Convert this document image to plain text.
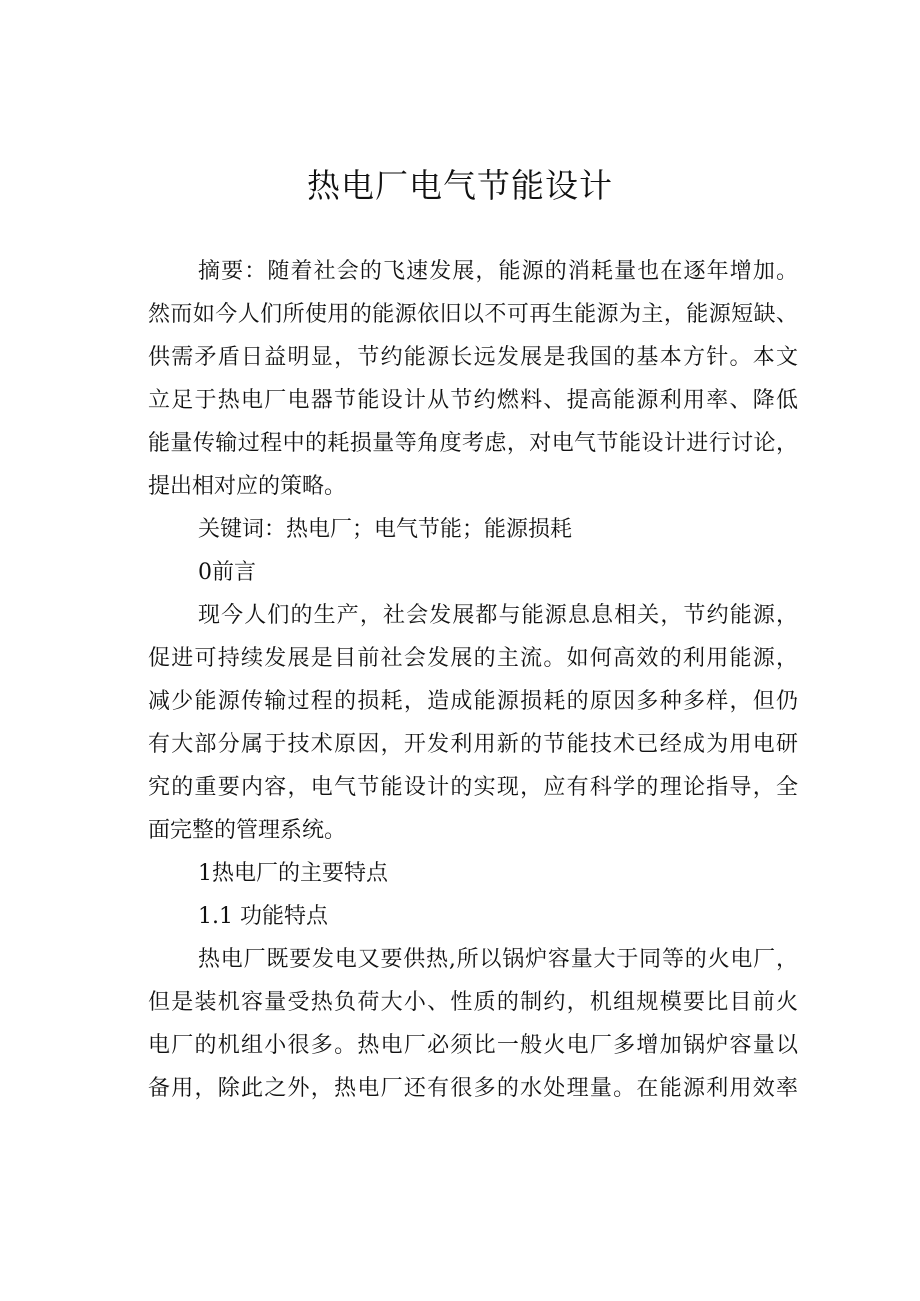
热电厂电气节能设计

摘要：随着社会的飞速发展，能源的消耗量也在逐年增加。

然而如今人们所使用的能源依旧以不可再生能源为主，能源短缺、

供需矛盾日益明显，节约能源长远发展是我国的基本方针。本文

立足于热电厂电器节能设计从节约燃料、提高能源利用率、降低

能量传输过程中的耗损量等角度考虑，对电气节能设计进行讨论，

提出相对应的策略。

关键词：热电厂；电气节能；能源损耗

0前言

现今人们的生产，社会发展都与能源息息相关，节约能源，

促进可持续发展是目前社会发展的主流。如何高效的利用能源，

减少能源传输过程的损耗，造成能源损耗的原因多种多样，但仍

有大部分属于技术原因，开发利用新的节能技术已经成为用电研

究的重要内容，电气节能设计的实现，应有科学的理论指导，全

面完整的管理系统。

1热电厂的主要特点

1.1 功能特点

热电厂既要发电又要供热,所以锅炉容量大于同等的火电厂，

但是装机容量受热负荷大小、性质的制约，机组规模要比目前火

电厂的机组小很多。热电厂必须比一般火电厂多增加锅炉容量以

备用，除此之外，热电厂还有很多的水处理量。在能源利用效率
